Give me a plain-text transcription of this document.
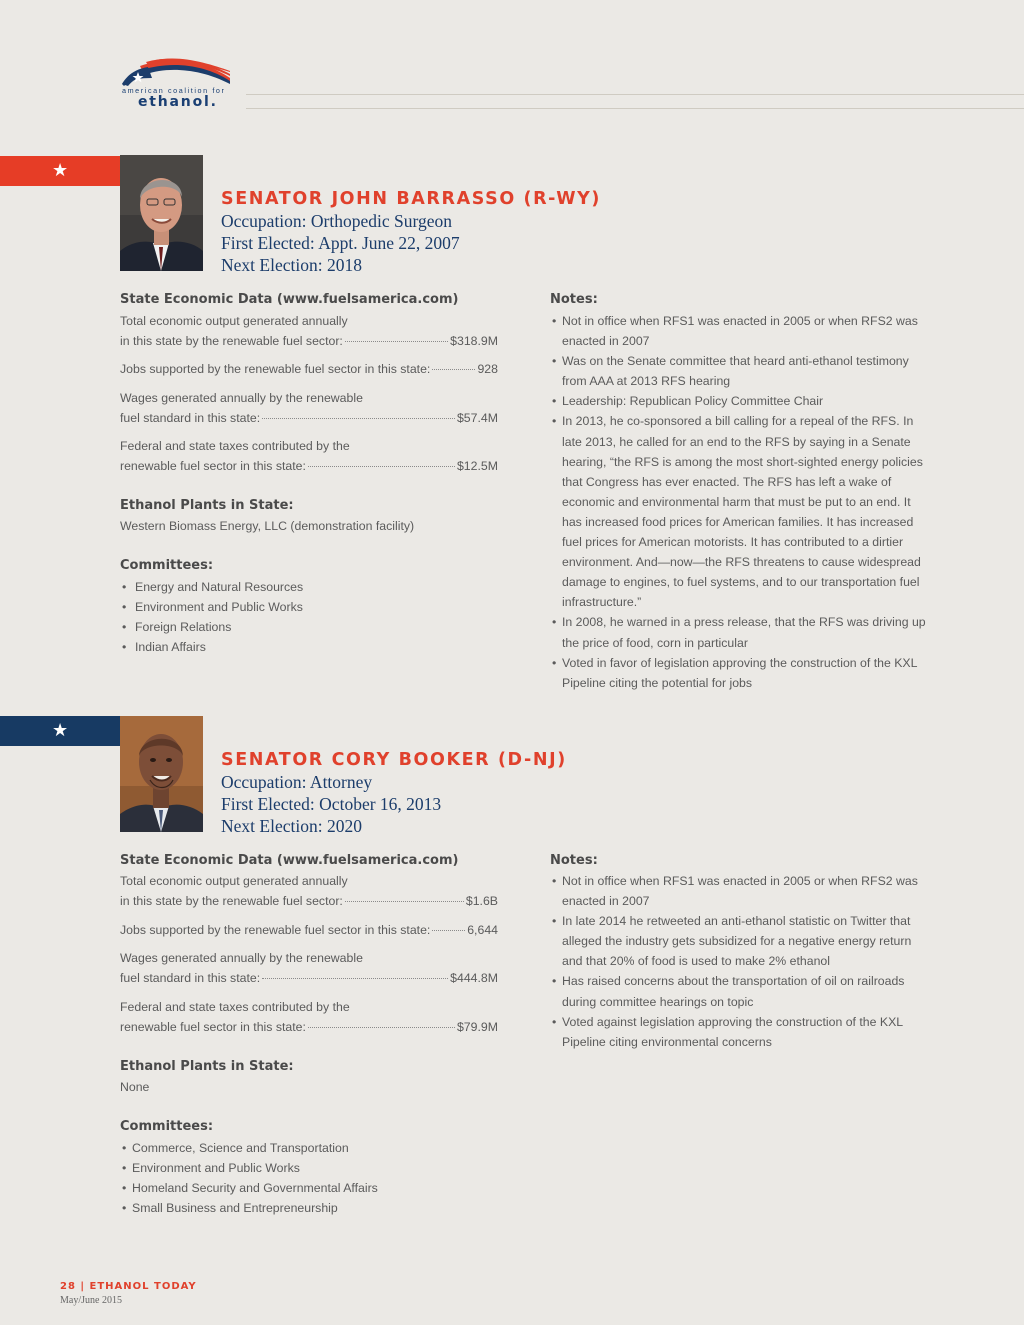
american coalition for
ethanol.
★
SENATOR JOHN BARRASSO (R-WY)
Occupation: Orthopedic Surgeon
First Elected: Appt. June 22, 2007
Next Election: 2018
State Economic Data (www.fuelsamerica.com)
Total economic output generated annually
in this state by the renewable fuel sector:	$318.9M
Jobs supported by the renewable fuel sector in this state:	928
Wages generated annually by the renewable
fuel standard in this state:	$57.4M
Federal and state taxes contributed by the
renewable fuel sector in this state:	$12.5M
Ethanol Plants in State:
Western Biomass Energy, LLC (demonstration facility)
Committees:
• Energy and Natural Resources
• Environment and Public Works
• Foreign Relations
• Indian Affairs
Notes:
• Not in office when RFS1 was enacted in 2005 or when RFS2 was enacted in 2007
• Was on the Senate committee that heard anti-ethanol testimony from AAA at 2013 RFS hearing
• Leadership: Republican Policy Committee Chair
• In 2013, he co-sponsored a bill calling for a repeal of the RFS. In late 2013, he called for an end to the RFS by saying in a Senate hearing, “the RFS is among the most short-sighted energy policies that Congress has ever enacted. The RFS has left a wake of economic and environmental harm that must be put to an end. It has increased food prices for American families. It has increased fuel prices for American motorists. It has contributed to a dirtier environment. And—now—the RFS threatens to cause widespread damage to engines, to fuel systems, and to our transportation fuel infrastructure.”
• In 2008, he warned in a press release, that the RFS was driving up the price of food, corn in particular
• Voted in favor of legislation approving the construction of the KXL Pipeline citing the potential for jobs
★
SENATOR CORY BOOKER (D-NJ)
Occupation: Attorney
First Elected: October 16, 2013
Next Election: 2020
State Economic Data (www.fuelsamerica.com)
Total economic output generated annually
in this state by the renewable fuel sector:	$1.6B
Jobs supported by the renewable fuel sector in this state:	6,644
Wages generated annually by the renewable
fuel standard in this state:	$444.8M
Federal and state taxes contributed by the
renewable fuel sector in this state:	$79.9M
Ethanol Plants in State:
None
Committees:
• Commerce, Science and Transportation
• Environment and Public Works
• Homeland Security and Governmental Affairs
• Small Business and Entrepreneurship
Notes:
• Not in office when RFS1 was enacted in 2005 or when RFS2 was enacted in 2007
• In late 2014 he retweeted an anti-ethanol statistic on Twitter that alleged the industry gets subsidized for a negative energy return and that 20% of food is used to make 2% ethanol
• Has raised concerns about the transportation of oil on railroads during committee hearings on topic
• Voted against legislation approving the construction of the KXL Pipeline citing environmental concerns
28 | ETHANOL TODAY
May/June 2015
